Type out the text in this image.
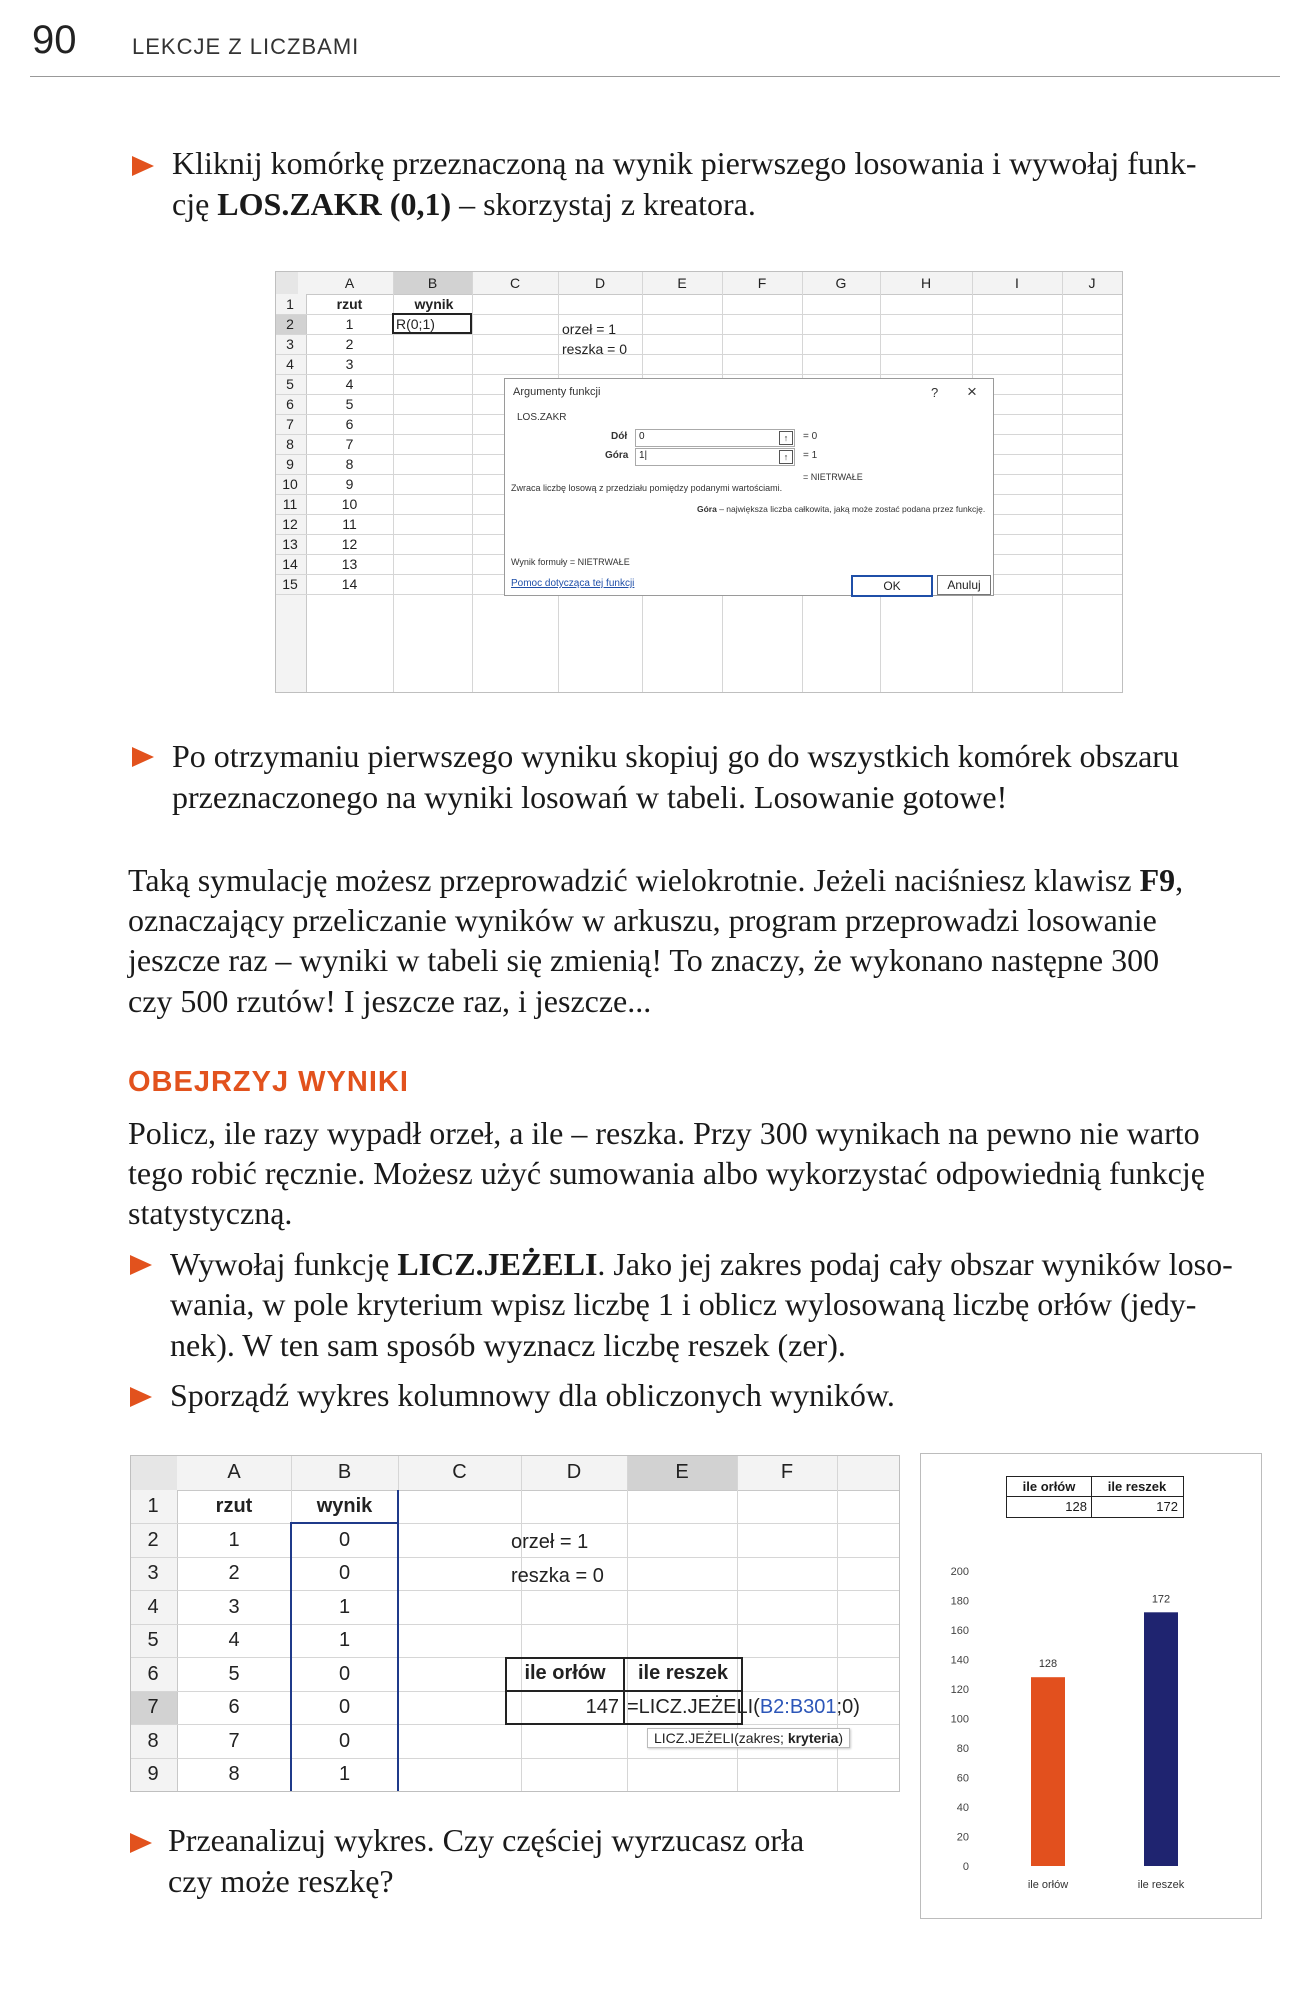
90	LEKCJE Z LICZBAMI
Kliknij komórkę przeznaczoną na wynik pierwszego losowania i wywołaj funk-
cję LOS.ZAKR (0,1) – skorzystaj z kreatora.
A	B	C	D	E	F	G	H	I	J
1	rzut	wynik
2	1	R(0;1)
3	2
4	3
5	4
6	5
7	6
8	7
9	8
10	9
11	10
12	11
13	12
14	13
15	14
orzeł = 1
reszka = 0
Argumenty funkcji	? ×
LOS.ZAKR
Dół 0	↑	= 0
Góra 1|	↑	= 1
= NIETRWAŁE
Zwraca liczbę losową z przedziału pomiędzy podanymi wartościami.
Góra – największa liczba całkowita, jaką może zostać podana przez funkcję.
Wynik formuły = NIETRWAŁE
Pomoc dotycząca tej funkcji	OK	Anuluj
Po otrzymaniu pierwszego wyniku skopiuj go do wszystkich komórek obszaru
przeznaczonego na wyniki losowań w tabeli. Losowanie gotowe!
Taką symulację możesz przeprowadzić wielokrotnie. Jeżeli naciśniesz klawisz F9,
oznaczający przeliczanie wyników w arkuszu, program przeprowadzi losowanie
jeszcze raz – wyniki w tabeli się zmienią! To znaczy, że wykonano następne 300
czy 500 rzutów! I jeszcze raz, i jeszcze...
OBEJRZYJ WYNIKI
Policz, ile razy wypadł orzeł, a ile – reszka. Przy 300 wynikach na pewno nie warto
tego robić ręcznie. Możesz użyć sumowania albo wykorzystać odpowiednią funkcję
statystyczną.
Wywołaj funkcję LICZ.JEŻELI. Jako jej zakres podaj cały obszar wyników loso-
wania, w pole kryterium wpisz liczbę 1 i oblicz wylosowaną liczbę orłów (jedy-
nek). W ten sam sposób wyznacz liczbę reszek (zer).
Sporządź wykres kolumnowy dla obliczonych wyników.
A	B	C	D	E	F
1	rzut	wynik
2	1	0
3	2	0
4	3	1
5	4	1
6	5	0
7	6	0
8	7	0
9	8	1
orzeł = 1
reszka = 0
ile orłów	ile reszek
147 =LICZ.JEŻELI(B2:B301;0)
LICZ.JEŻELI(zakres; kryteria)
ile orłów	ile reszek
128	172
0
20
40
60
80
100
120
140
160
180
200
128
ile orłów
172
ile reszek
Przeanalizuj wykres. Czy częściej wyrzucasz orła
czy może reszkę?
